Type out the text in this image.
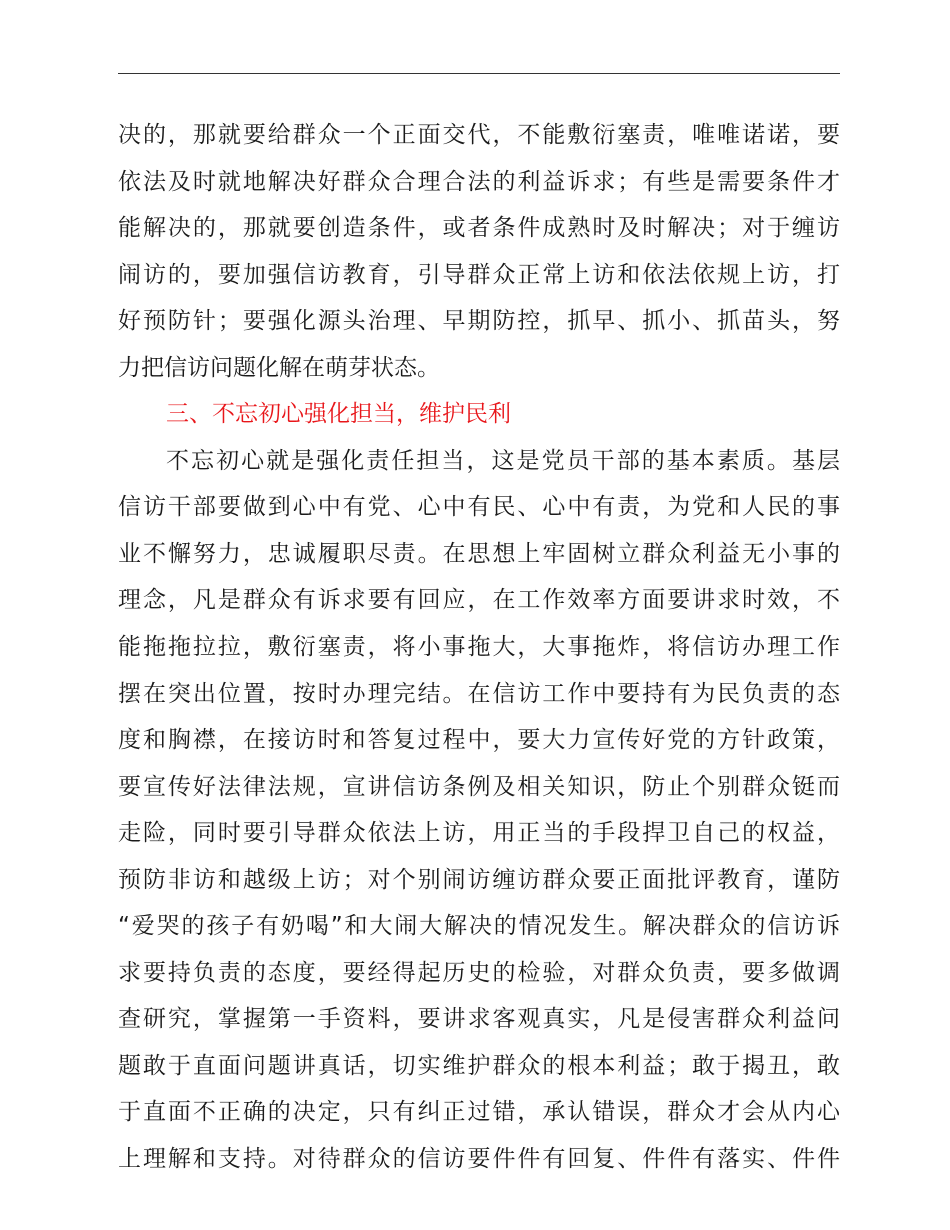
决的，那就要给群众一个正面交代，不能敷衍塞责，唯唯诺诺，要
依法及时就地解决好群众合理合法的利益诉求；有些是需要条件才
能解决的，那就要创造条件，或者条件成熟时及时解决；对于缠访
闹访的，要加强信访教育，引导群众正常上访和依法依规上访，打
好预防针；要强化源头治理、早期防控，抓早、抓小、抓苗头，努
力把信访问题化解在萌芽状态。
三、不忘初心强化担当，维护民利
不忘初心就是强化责任担当，这是党员干部的基本素质。基层
信访干部要做到心中有党、心中有民、心中有责，为党和人民的事
业不懈努力，忠诚履职尽责。在思想上牢固树立群众利益无小事的
理念，凡是群众有诉求要有回应，在工作效率方面要讲求时效，不
能拖拖拉拉，敷衍塞责，将小事拖大，大事拖炸，将信访办理工作
摆在突出位置，按时办理完结。在信访工作中要持有为民负责的态
度和胸襟，在接访时和答复过程中，要大力宣传好党的方针政策，
要宣传好法律法规，宣讲信访条例及相关知识，防止个别群众铤而
走险，同时要引导群众依法上访，用正当的手段捍卫自己的权益，
预防非访和越级上访；对个别闹访缠访群众要正面批评教育，谨防
“爱哭的孩子有奶喝”和大闹大解决的情况发生。解决群众的信访诉
求要持负责的态度，要经得起历史的检验，对群众负责，要多做调
查研究，掌握第一手资料，要讲求客观真实，凡是侵害群众利益问
题敢于直面问题讲真话，切实维护群众的根本利益；敢于揭丑，敢
于直面不正确的决定，只有纠正过错，承认错误，群众才会从内心
上理解和支持。对待群众的信访要件件有回复、件件有落实、件件
